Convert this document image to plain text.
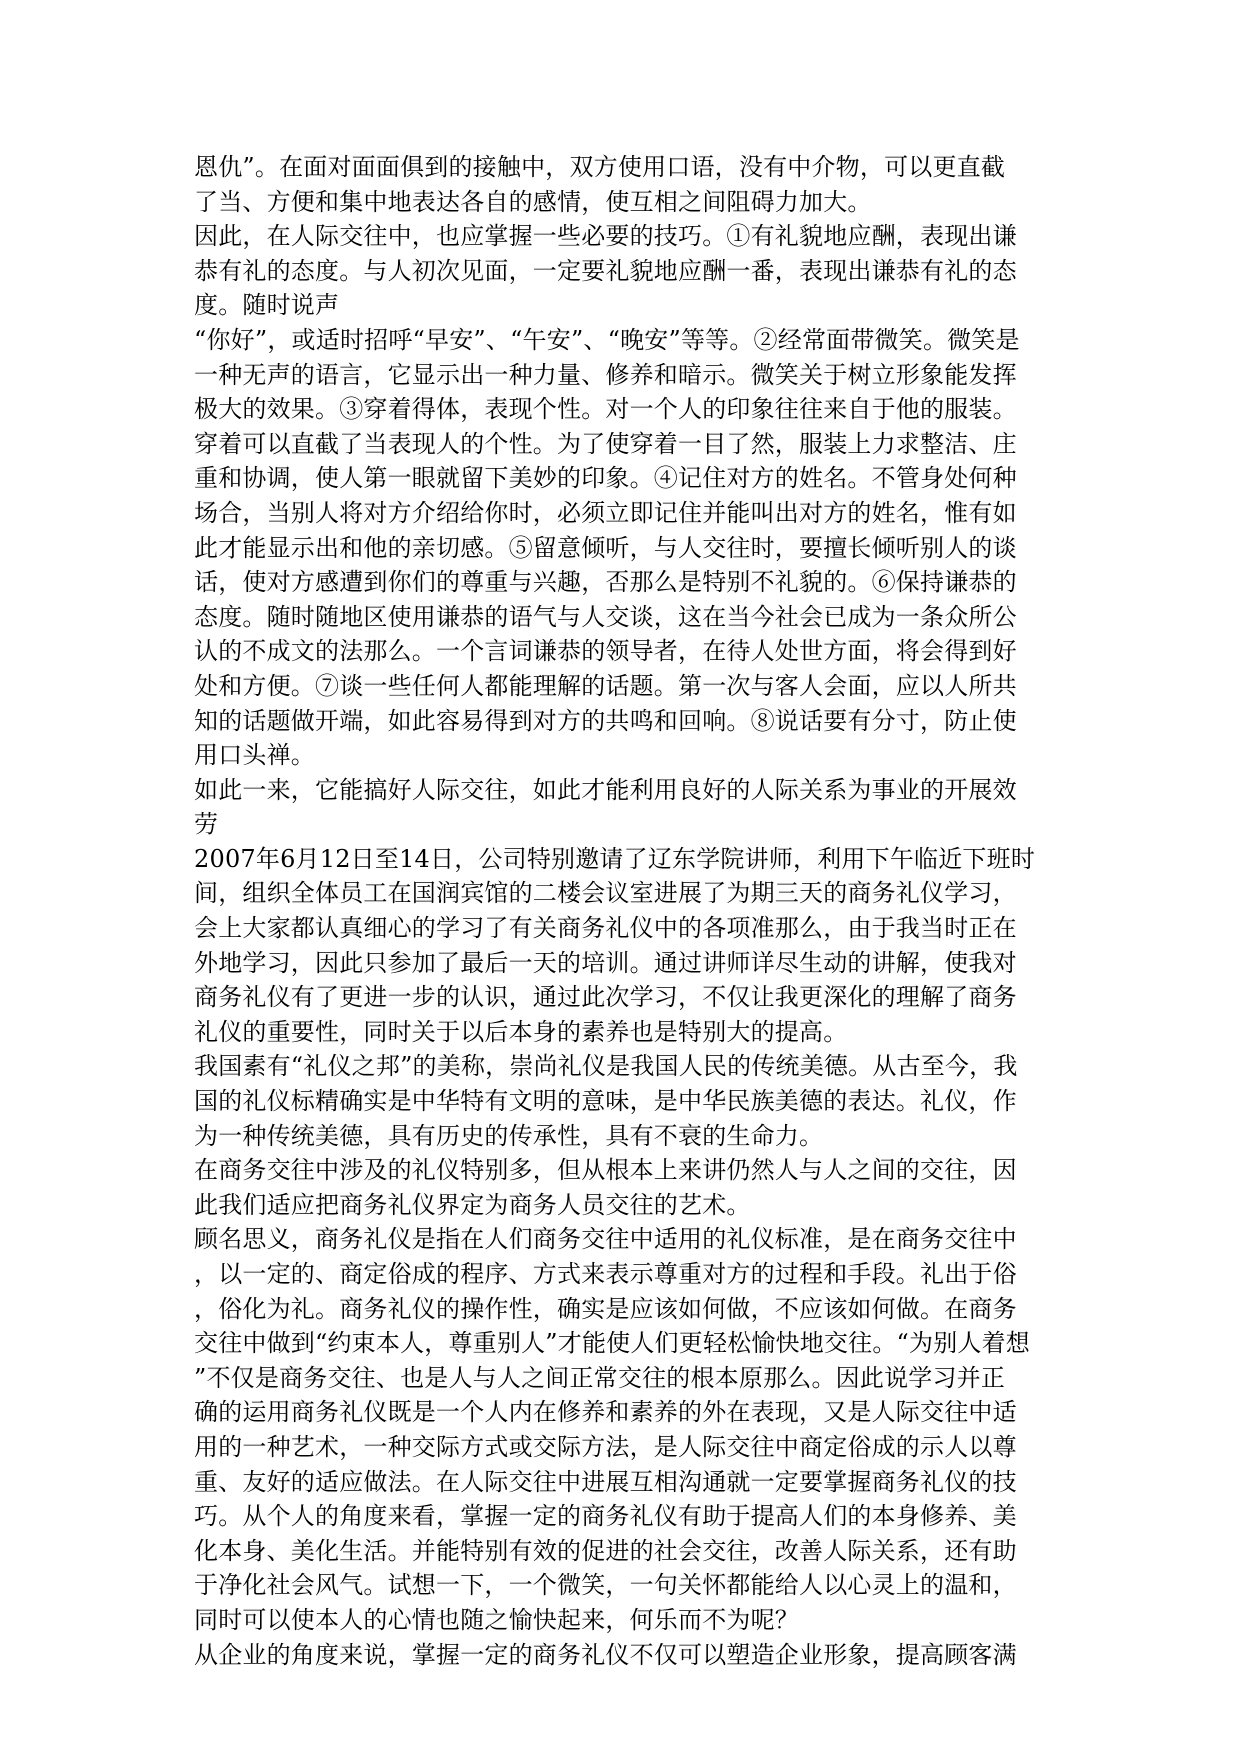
恩仇”。在面对面面俱到的接触中，双方使用口语，没有中介物，可以更直截
了当、方便和集中地表达各自的感情，使互相之间阻碍力加大。
因此，在人际交往中，也应掌握一些必要的技巧。①有礼貌地应酬，表现出谦
恭有礼的态度。与人初次见面，一定要礼貌地应酬一番，表现出谦恭有礼的态
度。随时说声
“你好”，或适时招呼“早安”、“午安”、“晚安”等等。②经常面带微笑。微笑是
一种无声的语言，它显示出一种力量、修养和暗示。微笑关于树立形象能发挥
极大的效果。③穿着得体，表现个性。对一个人的印象往往来自于他的服装。
穿着可以直截了当表现人的个性。为了使穿着一目了然，服装上力求整洁、庄
重和协调，使人第一眼就留下美妙的印象。④记住对方的姓名。不管身处何种
场合，当别人将对方介绍给你时，必须立即记住并能叫出对方的姓名，惟有如
此才能显示出和他的亲切感。⑤留意倾听，与人交往时，要擅长倾听别人的谈
话，使对方感遭到你们的尊重与兴趣，否那么是特别不礼貌的。⑥保持谦恭的
态度。随时随地区使用谦恭的语气与人交谈，这在当今社会已成为一条众所公
认的不成文的法那么。一个言词谦恭的领导者，在待人处世方面，将会得到好
处和方便。⑦谈一些任何人都能理解的话题。第一次与客人会面，应以人所共
知的话题做开端，如此容易得到对方的共鸣和回响。⑧说话要有分寸，防止使
用口头禅。
如此一来，它能搞好人际交往，如此才能利用良好的人际关系为事业的开展效
劳
2007年6月12日至14日，公司特别邀请了辽东学院讲师，利用下午临近下班时
间，组织全体员工在国润宾馆的二楼会议室进展了为期三天的商务礼仪学习，
会上大家都认真细心的学习了有关商务礼仪中的各项准那么，由于我当时正在
外地学习，因此只参加了最后一天的培训。通过讲师详尽生动的讲解，使我对
商务礼仪有了更进一步的认识，通过此次学习，不仅让我更深化的理解了商务
礼仪的重要性，同时关于以后本身的素养也是特别大的提高。
我国素有“礼仪之邦”的美称，崇尚礼仪是我国人民的传统美德。从古至今，我
国的礼仪标精确实是中华特有文明的意味，是中华民族美德的表达。礼仪，作
为一种传统美德，具有历史的传承性，具有不衰的生命力。
在商务交往中涉及的礼仪特别多，但从根本上来讲仍然人与人之间的交往，因
此我们适应把商务礼仪界定为商务人员交往的艺术。
顾名思义，商务礼仪是指在人们商务交往中适用的礼仪标准，是在商务交往中
，以一定的、商定俗成的程序、方式来表示尊重对方的过程和手段。礼出于俗
，俗化为礼。商务礼仪的操作性，确实是应该如何做，不应该如何做。在商务
交往中做到“约束本人，尊重别人”才能使人们更轻松愉快地交往。“为别人着想
”不仅是商务交往、也是人与人之间正常交往的根本原那么。因此说学习并正
确的运用商务礼仪既是一个人内在修养和素养的外在表现，又是人际交往中适
用的一种艺术，一种交际方式或交际方法，是人际交往中商定俗成的示人以尊
重、友好的适应做法。在人际交往中进展互相沟通就一定要掌握商务礼仪的技
巧。从个人的角度来看，掌握一定的商务礼仪有助于提高人们的本身修养、美
化本身、美化生活。并能特别有效的促进的社会交往，改善人际关系，还有助
于净化社会风气。试想一下，一个微笑，一句关怀都能给人以心灵上的温和，
同时可以使本人的心情也随之愉快起来，何乐而不为呢？
从企业的角度来说，掌握一定的商务礼仪不仅可以塑造企业形象，提高顾客满
